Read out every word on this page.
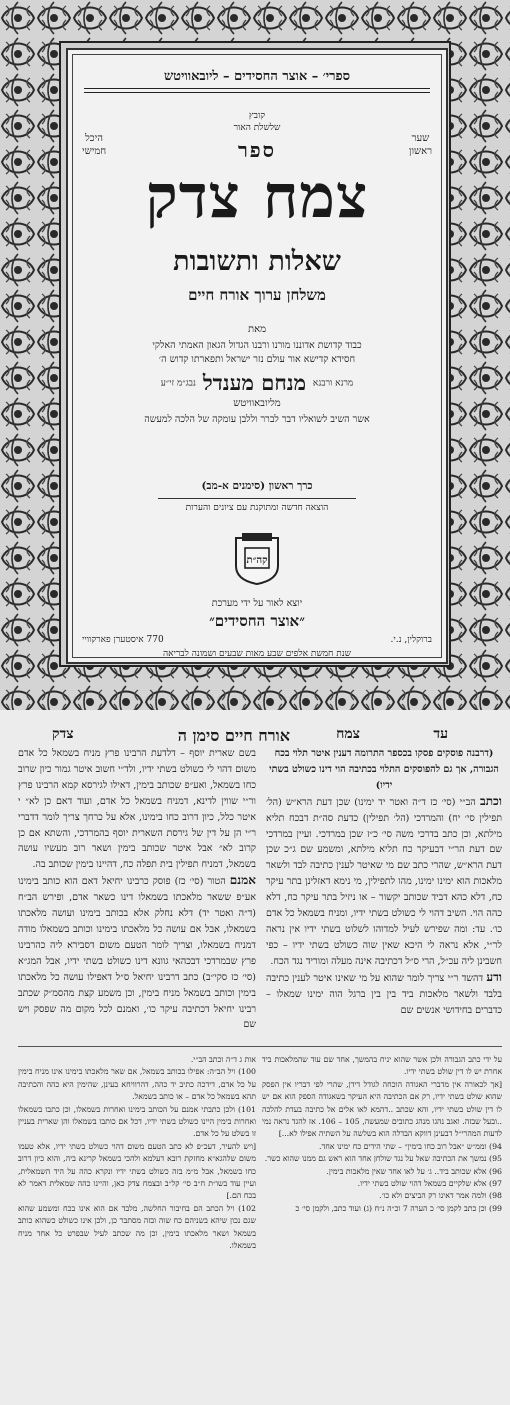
ספרי׳ – אוצר החסידים – ליובאוויטש
קובץ
שלשלת האור
היכל
חמישי
שער
ראשון
ספר
צמח צדק
שאלות ותשובות
משלחן ערוך אורח חיים
מאת
כבוד קדושת אדוננו מורנו ורבנו הגדול הגאון האמתי האלקי
חסידא קדישא אור עולם נזר ישראל ותפארתו קדוש ה׳
מרנא ורבנא מנחם מענדל נבג״מ זי״ע
מליובאוויטש
אשר השיב לשואליו דבר לברר וללבן עומקה של הלכה למעשה
כרך ראשון (סימנים א-מב)
הוצאה חדשה ומתוקנת עם ציונים והערות
קה״ת
יוצא לאור על ידי מערכת
״אוצר החסידים״
ברוקלין, נ.י.
770 איסטערן פארקוויי
שנת חמשת אלפים שבע מאות שבעים ושמונה לבריאה
עד
צמח
אורח חיים סימן ה
צדק

(דרבנה פוסקים פסקו בכספר התרומה דענין איטר תלוי בכח הגבורה, אך גם להפוסקים התלוי בכתיבה הוי דינו כשולט בשתי ידיו)

וכתב הב״י (סי׳ כז ד״ה ואטר יד ימינו) שכן דעת הרא״ש (הל׳ תפילין סי׳ יח) והמרדכי (הל׳ תפילין) כדעת סה״ת דבכח תליא מילתא, וכן כתב בדרכי משה סי׳ כ״ז שכן במרדכי. ועיין במרדכי שם דעת הר״י דבעיקר כח תליא מילתא, ומשמע שם ג״כ שכן דעת הרא״ש, שהרי כתב שם מי שאיטר לענין כתיבה לבד ולשאר מלאכות הוא ימינו ימינו, מהו לתפילין, מי נימא דאזלינן בתר עיקר כח, דלא כהא דביד שכותב יקשור – או ניזיל בתר עיקר כח, דלא כהה הוי. השיב דהוי לי כשולט בשתי ידיו, ומניח בשמאל כל אדם כו׳. עד: ומה שפירש לעיל למדוהו לשלוט בשתי ידיו אין נראה לר״י, אלא נראה לי היכא שאין שוה כשולט בשתי ידיו – כפי חשבינן ליה עכ״ל, הרי ס״ל דכתיבה אינה מעלה ומוריד נגד הכח.

ודע דהשד ר״י צריך לומר שהוא על מי שאינו איטר לענין כתיבה בלבד ולשאר מלאכות ביד בין בין ברגל הוה ימינו שמאלו – כדברים בחידושי אנשים שם

בשם שארית יוסף – דלדעת הרבינו פרץ מניח בשמאל כל אדם משום דהוי לי כשולט בשתי ידיו, ולד״י חשוב איטר גמור כיון שרוב כחו בשמאל, ואע״פ שכותב בימין, דאילו לגירסא קמא הרבינו פרץ ור״י שווין לדינא, דמניח בשמאל כל אדם, ועוד דאם כן לא״ י איטר כלל, כיון דרוב כחו בימינו, אלא על כרחך צריך לומר דדברי ר״י הן על דין של גירסת השארית יוסף בהמרדכי, והשתא אם כן קרוב לא״ אבל איטר שכותב בימין ושאר רוב מעשיו עושה בשמאל, דמניח תפילין בית תפלה כח, דהיינו בימין שכותב בה.

אמנם הטור (סי׳ כז) פוסק כרבינו יחיאל דאם הוא כותב בימינו אע״פ ששאר מלאכתו בשמאלו דינו כשאר אדם, ופירש הב״ח (ד״ה ואטר יד) דלא נחלק אלא בכותב בימינו ועושה מלאכתו בשמאלו, אבל אם עושה כל מלאכתו בימינו וכותב בשמאלו מודה דמניח בשמאלו, וצריך לומר הטעם משום דסבירא ליה כהרבינו פרץ שבמרדכי דבכהאי גוונא דינו כשולט בשתי ידיו, אבל המג״א (סי׳ כז סקי״ב) כתב דרבינו יחיאל ס״ל דאפילו עושה כל מלאכתו בימין וכותב בשמאל מניח בימין, וכן משמע קצת מהסמ״ק שכתב רבינו יחיאל דכתיבה עיקר כו׳, ואמנם לכל מקום מה שפסק ויש שם

על ידי כתב הגבורה ולכן אשר שהוא יניח בהמשך, אחד שם עוד שהמלאכות ביד אחרת יש לו דין שולט בשתי ידיו.

[אך לכאורה אין מדברי האגודה הוכחה לגודל דידן, שהרי לפי דבריו אין הפסק שהוא שולט בשתי ידיו, רק אם הכתיבה היא העיקר בשאגודה הספק הוא אם יש לו דין שולט בשתי ידיו, והא שכתב ..דהמא לאו אלים אל כתיבה בעדת להלכה ..ובעל שבזה. ואגב נהגו מנהג כתובים שמעשה, 105 – 106. אז להגד נראה נמי לדעות המהרי״ל דבעינן דווקא הבדלה הוא בשלשה על השתיה אפילו לא...]

94) וממ״ש ״אבל רוב כחו בימין״ – שתי הידים כח ימינו אחד.

95) נמשך את הכתיבה שאל על נגד שולחן אחד הוא ראש גם ממנו שהוא כשר.

96) אלא שכותב ביד.. ג׳ על לאו אחד שאין מלאכות בימין.

97) אלא שלקיים בשמאל דהוי שולט בשתי ידיו.

98) ולמה אמר דאינו רק הביצים ולא כו׳.

99) וכן כתב לקמן סי׳ כ הערה 7 וכ״ה נ״ח (ג) ועוד כתב, ולקמן סי׳ כ

אות ג ד״ה וכתב הב״י.

100) ויל הב״ה: אפילו בכותב בשמאל, אם שאר מלאכתו בימינו אינו מניח בימין על כל אדם, דידכה כתיב יד כהה, דהרוויחא בעינן, שהימין היא כהה והכתיבה תהא בשמאל כל אדם – או כותב בשמאל.

101) ולכן כתבתי אמנם על הכותב בימינו ואחרות בשמאלו, וכן כתבו בשמאלו ואחרות בימין היינו כשולט בשתי ידיו, דכל אם כותבו בשמאלו והן שארית בעניין זו בשלט על כל אדם.

[ויש להעיר, דעכ״פ לא כתב הטעם משום דהוי כשולט בשתי ידיו, אלא טעמו משום שלהגא״א מחזקת רובא דעלמא ולהכי בשמאל קרינא ביה, והוא כיון דרוב כחו בשמאל, אבל מ״מ בזה כשולט בשתי ידיו ונקרא כהה על היד השמאלית, ועיין עוד בשו״ת ח״ב סי׳ קל״ב ובצמח צדק כאן, והיינו כהה שמאלית דאמר לא בכח הם.]

102) ויל הכתב הם בחיבור החלשה, מלבד אם הוא אינו בכח ומשמע שהוא שגם נכון שיהא בשניהם כח שוה ובזה מסתבר כן, ולכן אינו כשולט כשהוא כותב בשמאל ושאר מלאכתו בימין, וכן מה שכתב לעיל שבפרט כל אחד מניח בשמאלו.
